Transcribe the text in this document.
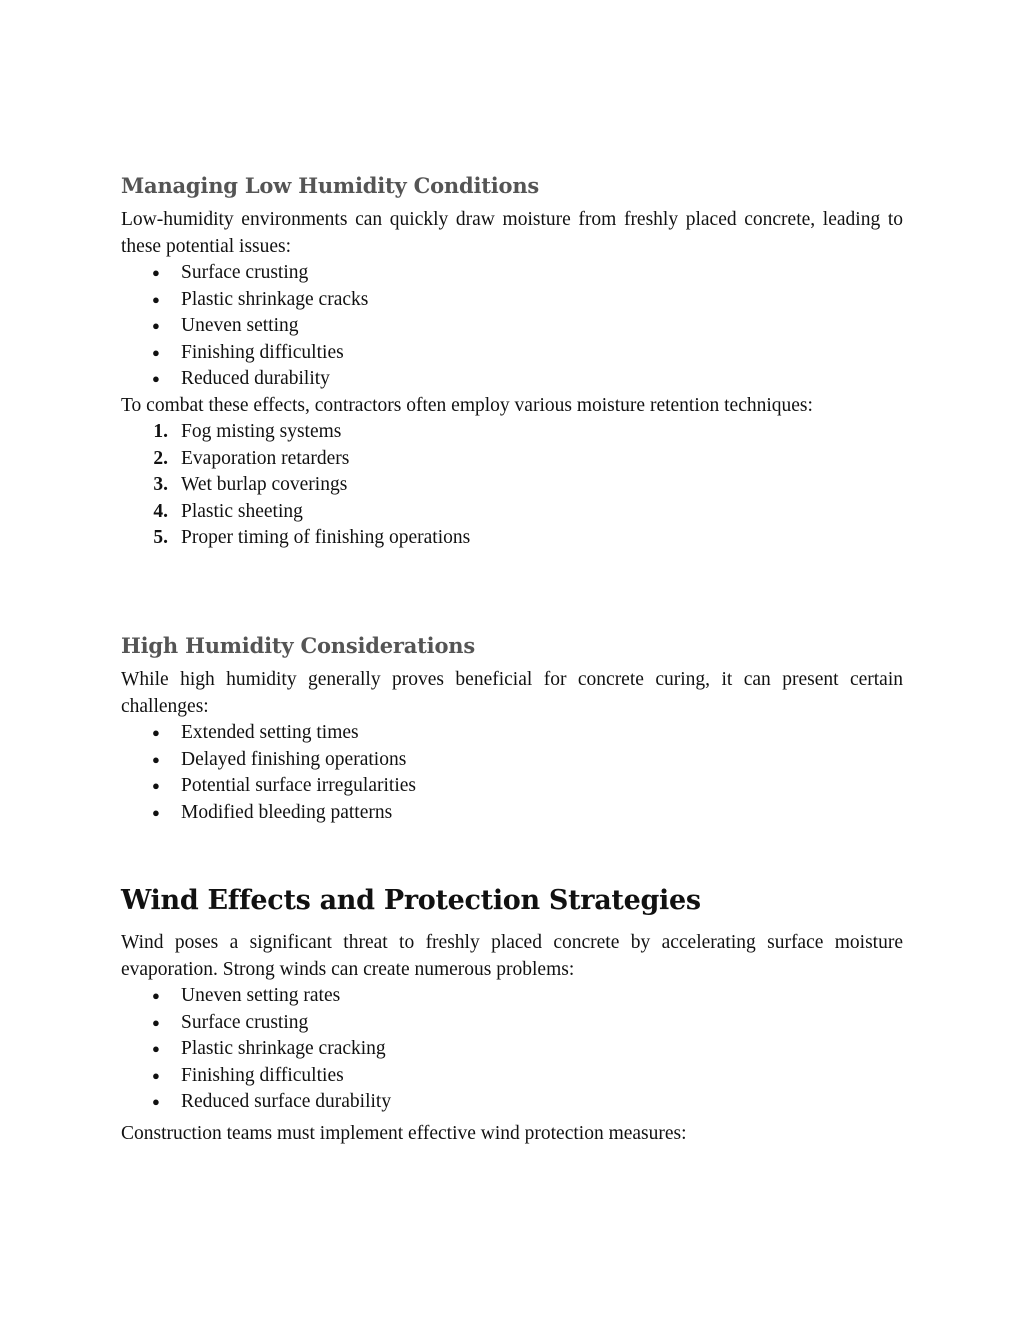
Managing Low Humidity Conditions

Low-humidity environments can quickly draw moisture from freshly placed concrete, leading to these potential issues:

● Surface crusting
● Plastic shrinkage cracks
● Uneven setting
● Finishing difficulties
● Reduced durability

To combat these effects, contractors often employ various moisture retention techniques:

1. Fog misting systems
2. Evaporation retarders
3. Wet burlap coverings
4. Plastic sheeting
5. Proper timing of finishing operations
High Humidity Considerations

While high humidity generally proves beneficial for concrete curing, it can present certain challenges:

● Extended setting times
● Delayed finishing operations
● Potential surface irregularities
● Modified bleeding patterns
Wind Effects and Protection Strategies

Wind poses a significant threat to freshly placed concrete by accelerating surface moisture evaporation. Strong winds can create numerous problems:

● Uneven setting rates
● Surface crusting
● Plastic shrinkage cracking
● Finishing difficulties
● Reduced surface durability

Construction teams must implement effective wind protection measures:
